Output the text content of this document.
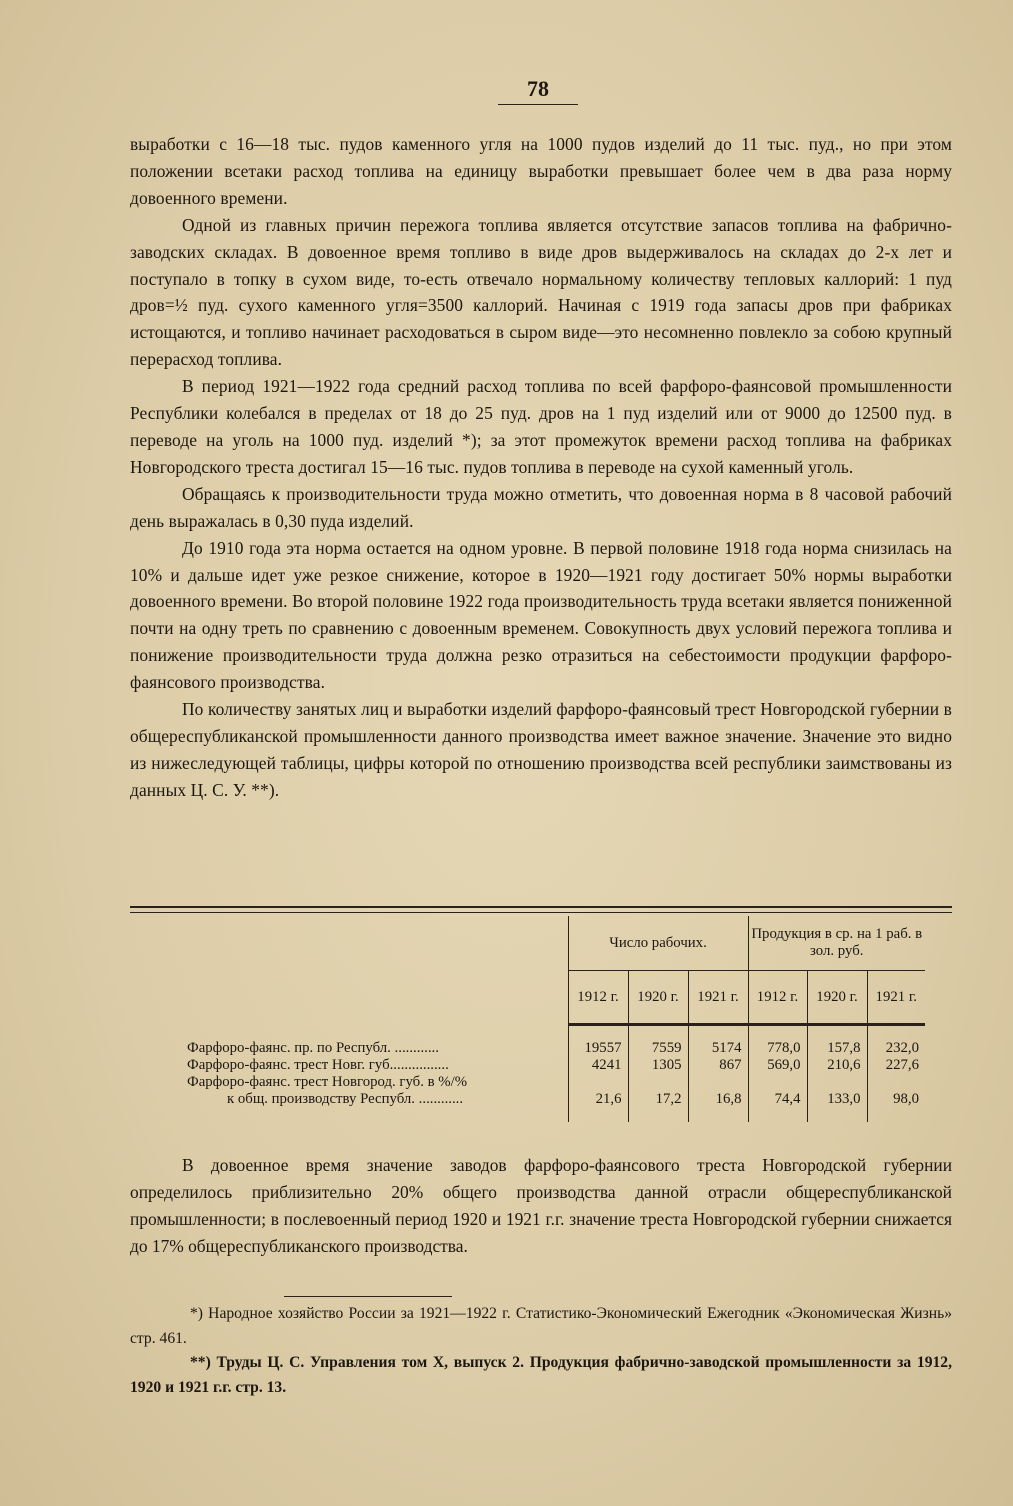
78

выработки с 16—18 тыс. пудов каменного угля на 1000 пудов изделий до 11 тыс. пуд., но при этом положении всетаки расход топлива на единицу выработки превышает более чем в два раза норму довоенного времени.

Одной из главных причин пережога топлива является отсутствие запасов топлива на фабрично-заводских складах. В довоенное время топливо в виде дров выдерживалось на складах до 2-х лет и поступало в топку в сухом виде, то-есть отвечало нормальному количеству тепловых каллорий: 1 пуд дров=½ пуд. сухого каменного угля=3500 каллорий. Начиная с 1919 года запасы дров при фабриках истощаются, и топливо начинает расходоваться в сыром виде—это несомненно повлекло за собою крупный перерасход топлива.

В период 1921—1922 года средний расход топлива по всей фарфоро-фаянсовой промышленности Республики колебался в пределах от 18 до 25 пуд. дров на 1 пуд изделий или от 9000 до 12500 пуд. в переводе на уголь на 1000 пуд. изделий *); за этот промежуток времени расход топлива на фабриках Новгородского треста достигал 15—16 тыс. пудов топлива в переводе на сухой каменный уголь.

Обращаясь к производительности труда можно отметить, что довоенная норма в 8 часовой рабочий день выражалась в 0,30 пуда изделий.

До 1910 года эта норма остается на одном уровне. В первой половине 1918 года норма снизилась на 10% и дальше идет уже резкое снижение, которое в 1920—1921 году достигает 50% нормы выработки довоенного времени. Во второй половине 1922 года производительность труда всетаки является пониженной почти на одну треть по сравнению с довоенным временем. Совокупность двух условий пережога топлива и понижение производительности труда должна резко отразиться на себестоимости продукции фарфоро-фаянсового производства.

По количеству занятых лиц и выработки изделий фарфоро-фаянсовый трест Новгородской губернии в общереспубликанской промышленности данного производства имеет важное значение. Значение это видно из нижеследующей таблицы, цифры которой по отношению производства всей республики заимствованы из данных Ц. С. У. **).

	Число рабочих.			Продукция в ср. на 1 раб. в зол. руб.		
	1912 г.	1920 г.	1921 г.	1912 г.	1920 г.	1921 г.

Фарфоро-фаянс. пр. по Республ. ............	19557	7559	5174	778,0	157,8	232,0
Фарфоро-фаянс. трест Новг. губ................	4241	1305	867	569,0	210,6	227,6
Фарфоро-фаянс. трест Новгород. губ. в %/%						
к общ. производству Республ. ............	21,6	17,2	16,8	74,4	133,0	98,0

В довоенное время значение заводов фарфоро-фаянсового треста Новгородской губернии определилось приблизительно 20% общего производства данной отрасли общереспубликанской промышленности; в послевоенный период 1920 и 1921 г.г. значение треста Новгородской губернии снижается до 17% общереспубликанского производства.

*) Народное хозяйство России за 1921—1922 г. Статистико-Экономический Ежегодник «Экономическая Жизнь» стр. 461.

**) Труды Ц. С. Управления том X, выпуск 2. Продукция фабрично-заводской промышленности за 1912, 1920 и 1921 г.г. стр. 13.
